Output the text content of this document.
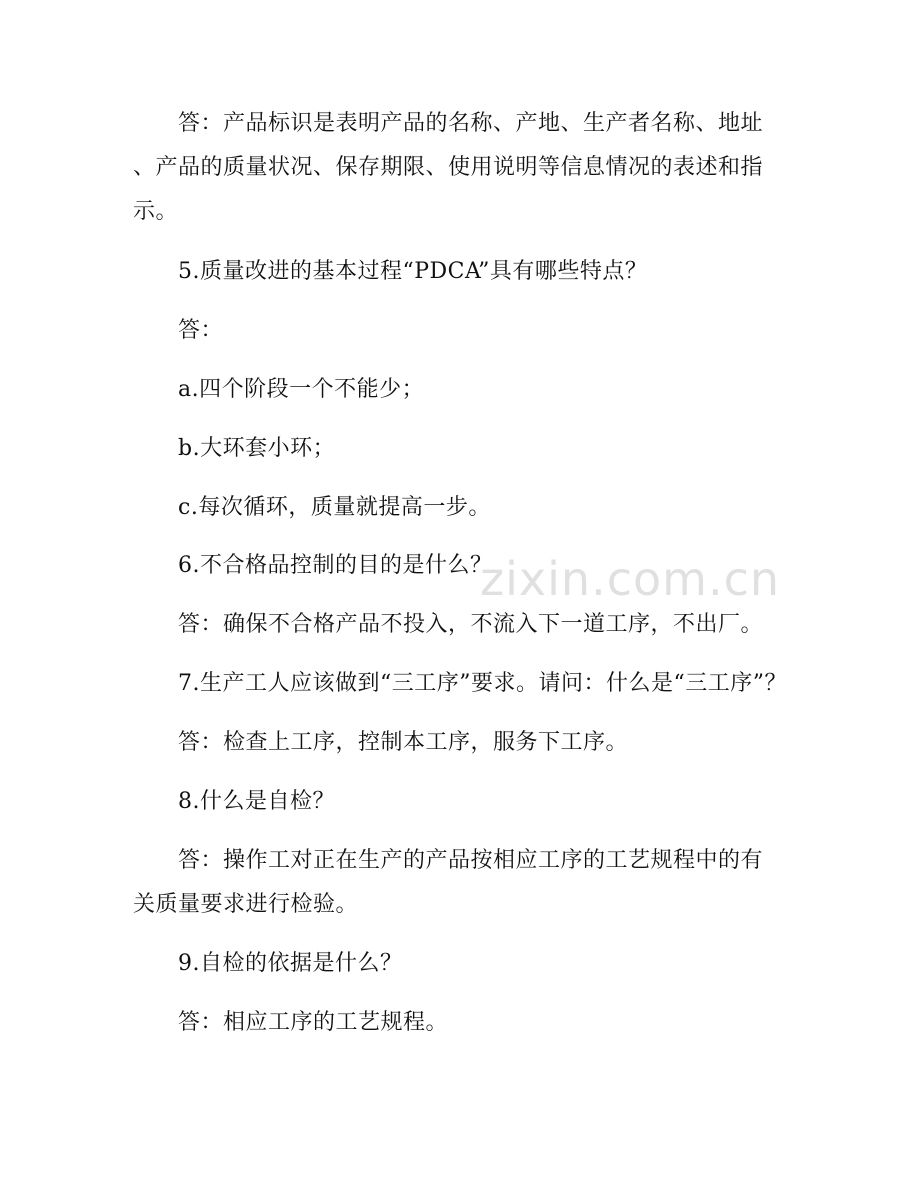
答：产品标识是表明产品的名称、产地、生产者名称、地址
、产品的质量状况、保存期限、使用说明等信息情况的表述和指
示。
5.质量改进的基本过程“PDCA”具有哪些特点？
答：
a.四个阶段一个不能少；
b.大环套小环；
c.每次循环，质量就提高一步。
6.不合格品控制的目的是什么？
答：确保不合格产品不投入，不流入下一道工序，不出厂。
7.生产工人应该做到“三工序”要求。请问：什么是“三工序”？
答：检查上工序，控制本工序，服务下工序。
8.什么是自检？
答：操作工对正在生产的产品按相应工序的工艺规程中的有
关质量要求进行检验。
9.自检的依据是什么？
答：相应工序的工艺规程。
zixin.com.cn
